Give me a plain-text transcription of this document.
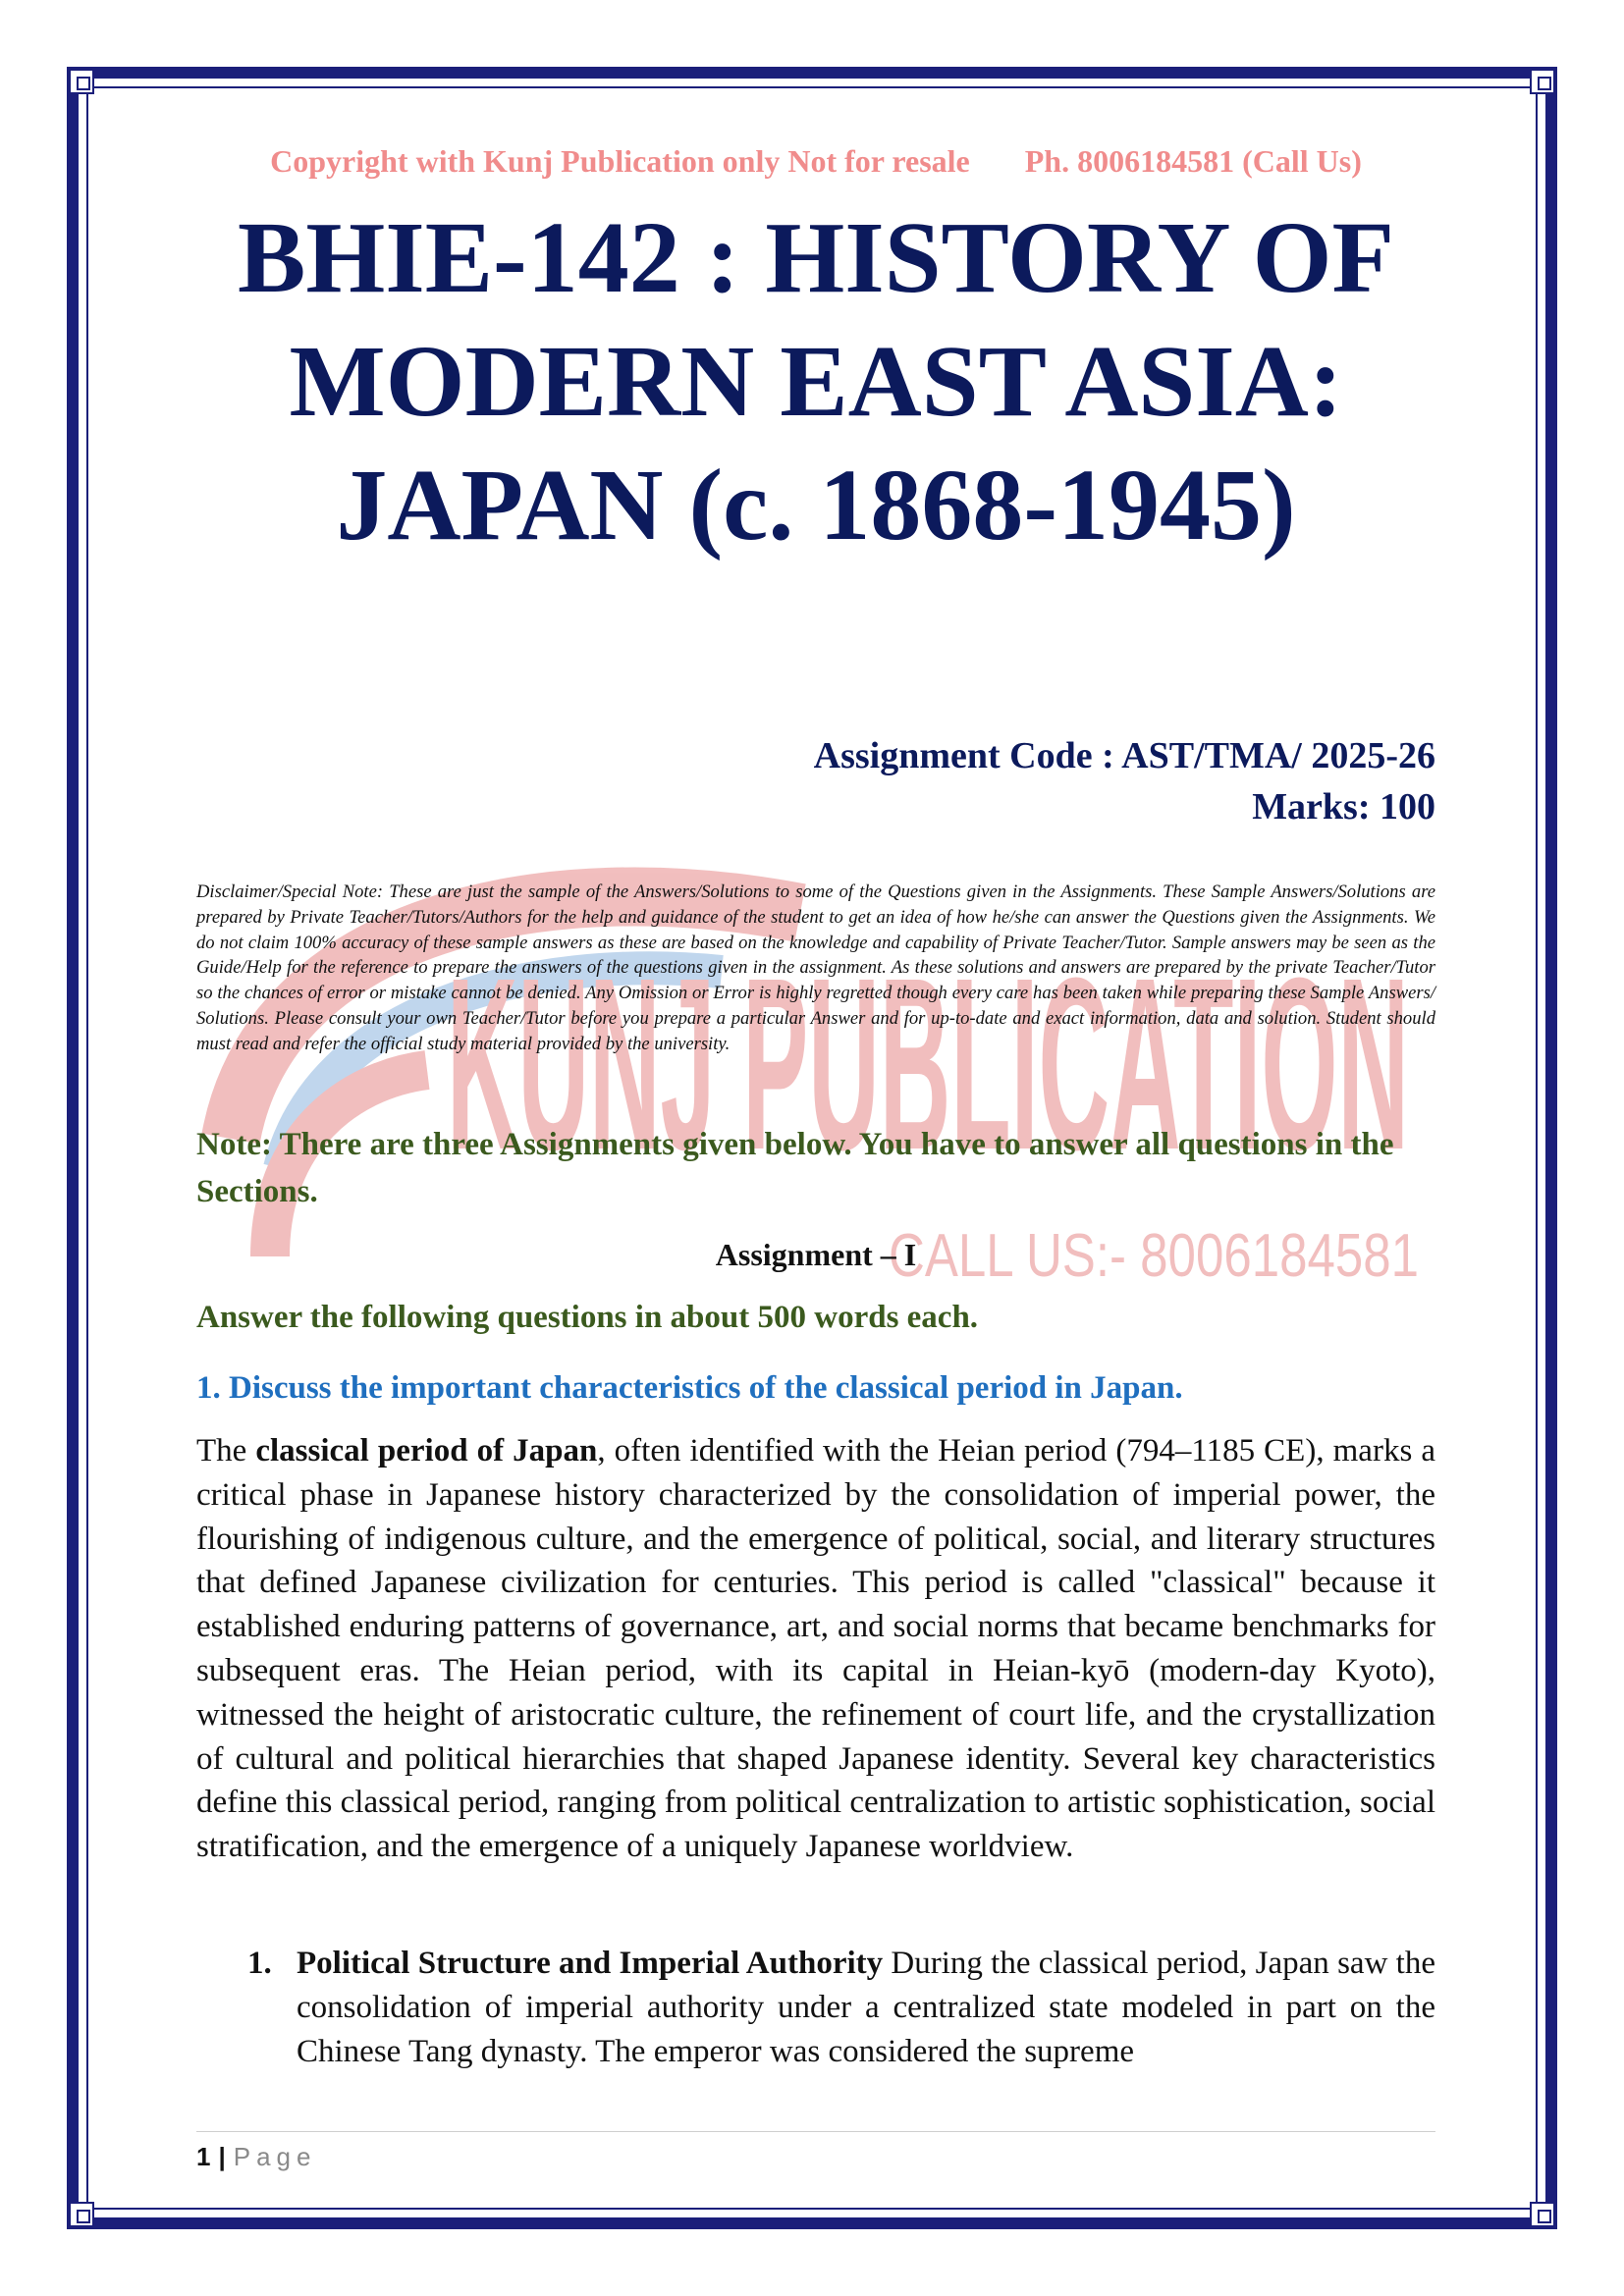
KUNJ PUBLICATION
CALL US:- 8006184581
Copyright with Kunj Publication only Not for resale Ph. 8006184581 (Call Us)
BHIE-142 : HISTORY OF
MODERN EAST ASIA:
JAPAN (c. 1868-1945)
Assignment Code : AST/TMA/ 2025-26
Marks: 100
Disclaimer/Special Note: These are just the sample of the Answers/Solutions to some of the Questions given in the Assignments. These Sample Answers/Solutions are prepared by Private Teacher/Tutors/Authors for the help and guidance of the student to get an idea of how he/she can answer the Questions given the Assignments. We do not claim 100% accuracy of these sample answers as these are based on the knowledge and capability of Private Teacher/Tutor. Sample answers may be seen as the Guide/Help for the reference to prepare the answers of the questions given in the assignment. As these solutions and answers are prepared by the private Teacher/Tutor so the chances of error or mistake cannot be denied. Any Omission or Error is highly regretted though every care has been taken while preparing these Sample Answers/ Solutions. Please consult your own Teacher/Tutor before you prepare a particular Answer and for up-to-date and exact information, data and solution. Student should must read and refer the official study material provided by the university.
Note: There are three Assignments given below. You have to answer all questions in the Sections.
Assignment – I
Answer the following questions in about 500 words each.
1. Discuss the important characteristics of the classical period in Japan.
The classical period of Japan, often identified with the Heian period (794–1185 CE), marks a critical phase in Japanese history characterized by the consolidation of imperial power, the flourishing of indigenous culture, and the emergence of political, social, and literary structures that defined Japanese civilization for centuries. This period is called "classical" because it established enduring patterns of governance, art, and social norms that became benchmarks for subsequent eras. The Heian period, with its capital in Heian-kyō (modern-day Kyoto), witnessed the height of aristocratic culture, the refinement of court life, and the crystallization of cultural and political hierarchies that shaped Japanese identity. Several key characteristics define this classical period, ranging from political centralization to artistic sophistication, social stratification, and the emergence of a uniquely Japanese worldview.
1. Political Structure and Imperial Authority During the classical period, Japan saw the consolidation of imperial authority under a centralized state modeled in part on the Chinese Tang dynasty. The emperor was considered the supreme
1 | Page
